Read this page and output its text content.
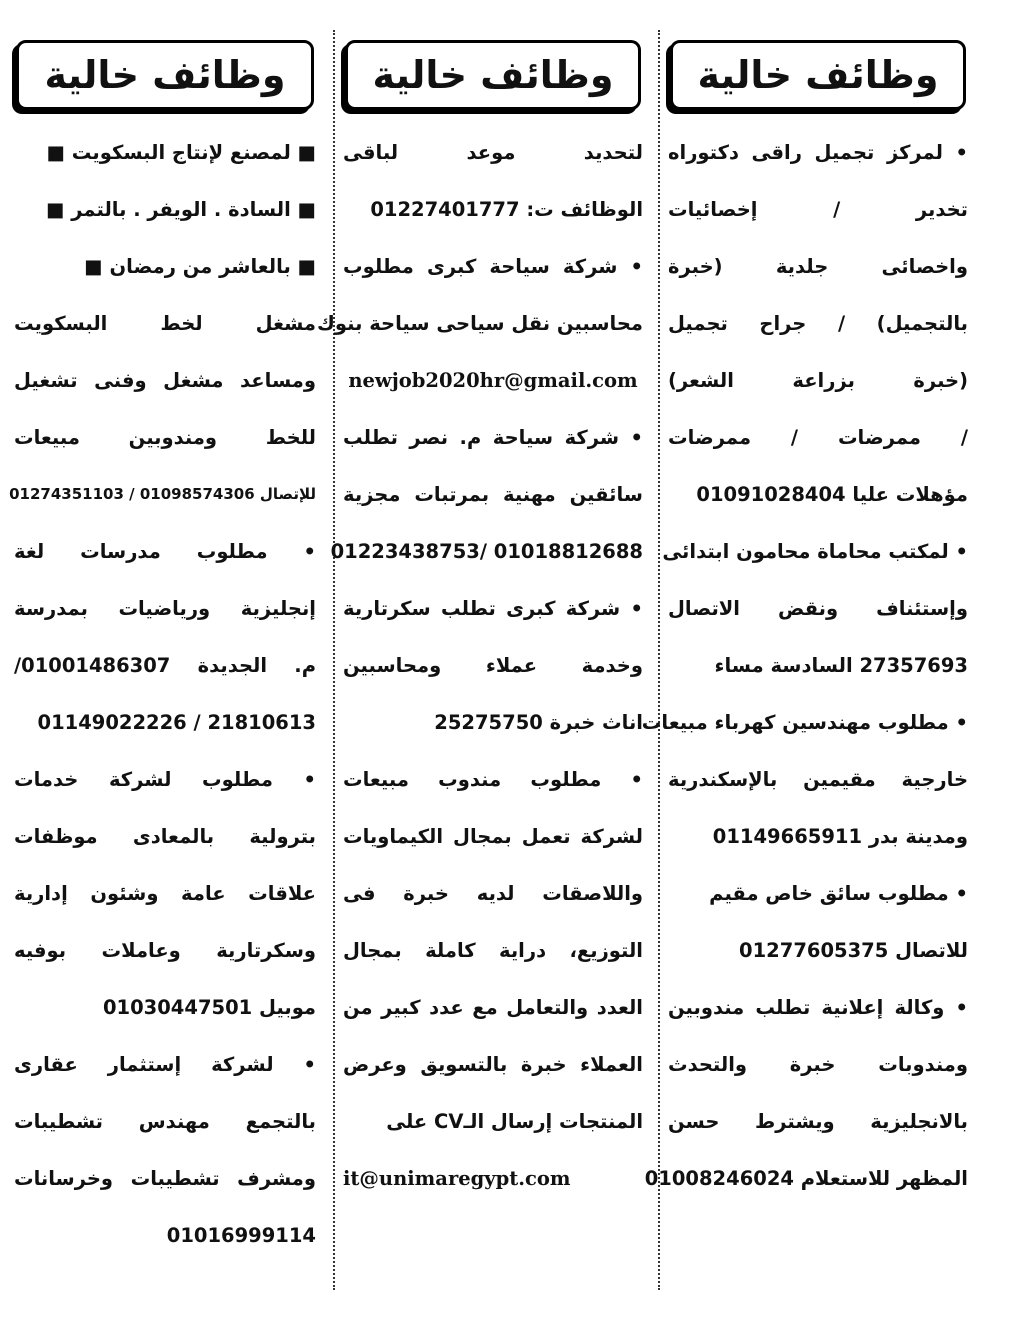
وظائف خالية
• لمركز تجميل راقى دكتوراه
تخدير / إخصائيات
واخصائى جلدية (خبرة
بالتجميل) / جراح تجميل
(خبرة بزراعة الشعر)
/ ممرضات / ممرضات
مؤهلات عليا 01091028404
• لمكتب محاماة محامون ابتدائى
وإستئناف ونقض الاتصال
27357693 السادسة مساء
• مطلوب مهندسين كهرباء مبيعات
خارجية مقيمين بالإسكندرية
ومدينة بدر 01149665911
• مطلوب سائق خاص مقيم
للاتصال 01277605375
• وكالة إعلانية تطلب مندوبين
ومندوبات خبرة والتحدث
بالانجليزية ويشترط حسن
المظهر للاستعلام 01008246024
وظائف خالية
لتحديد موعد لباقى
الوظائف ت: 01227401777
• شركة سياحة كبرى مطلوب
محاسبين نقل سياحى سياحة بنوك
newjob2020hr@gmail.com
• شركة سياحة م. نصر تطلب
سائقين مهنية بمرتبات مجزية
01018812688 /01223438753
• شركة كبرى تطلب سكرتارية
وخدمة عملاء ومحاسبين
اناث خبرة 25275750
• مطلوب مندوب مبيعات
لشركة تعمل بمجال الكيماويات
واللاصقات لديه خبرة فى
التوزيع، دراية كاملة بمجال
العدد والتعامل مع عدد كبير من
العملاء خبرة بالتسويق وعرض
المنتجات إرسال الـCV على
it@unimaregypt.com
وظائف خالية
■ لمصنع لإنتاج البسكويت ■
■ السادة . الويفر . بالتمر ■
■ بالعاشر من رمضان ■
مشغل لخط البسكويت
ومساعد مشغل وفنى تشغيل
للخط ومندوبين مبيعات
للإتصال 01098574306 / 01274351103
• مطلوب مدرسات لغة
إنجليزية ورياضيات بمدرسة
م. الجديدة 01001486307/
21810613 / 01149022226
• مطلوب لشركة خدمات
بترولية بالمعادى موظفات
علاقات عامة وشئون إدارية
وسكرتارية وعاملات بوفيه
موبيل 01030447501
• لشركة إستثمار عقارى
بالتجمع مهندس تشطيبات
ومشرف تشطيبات وخرسانات
01016999114
